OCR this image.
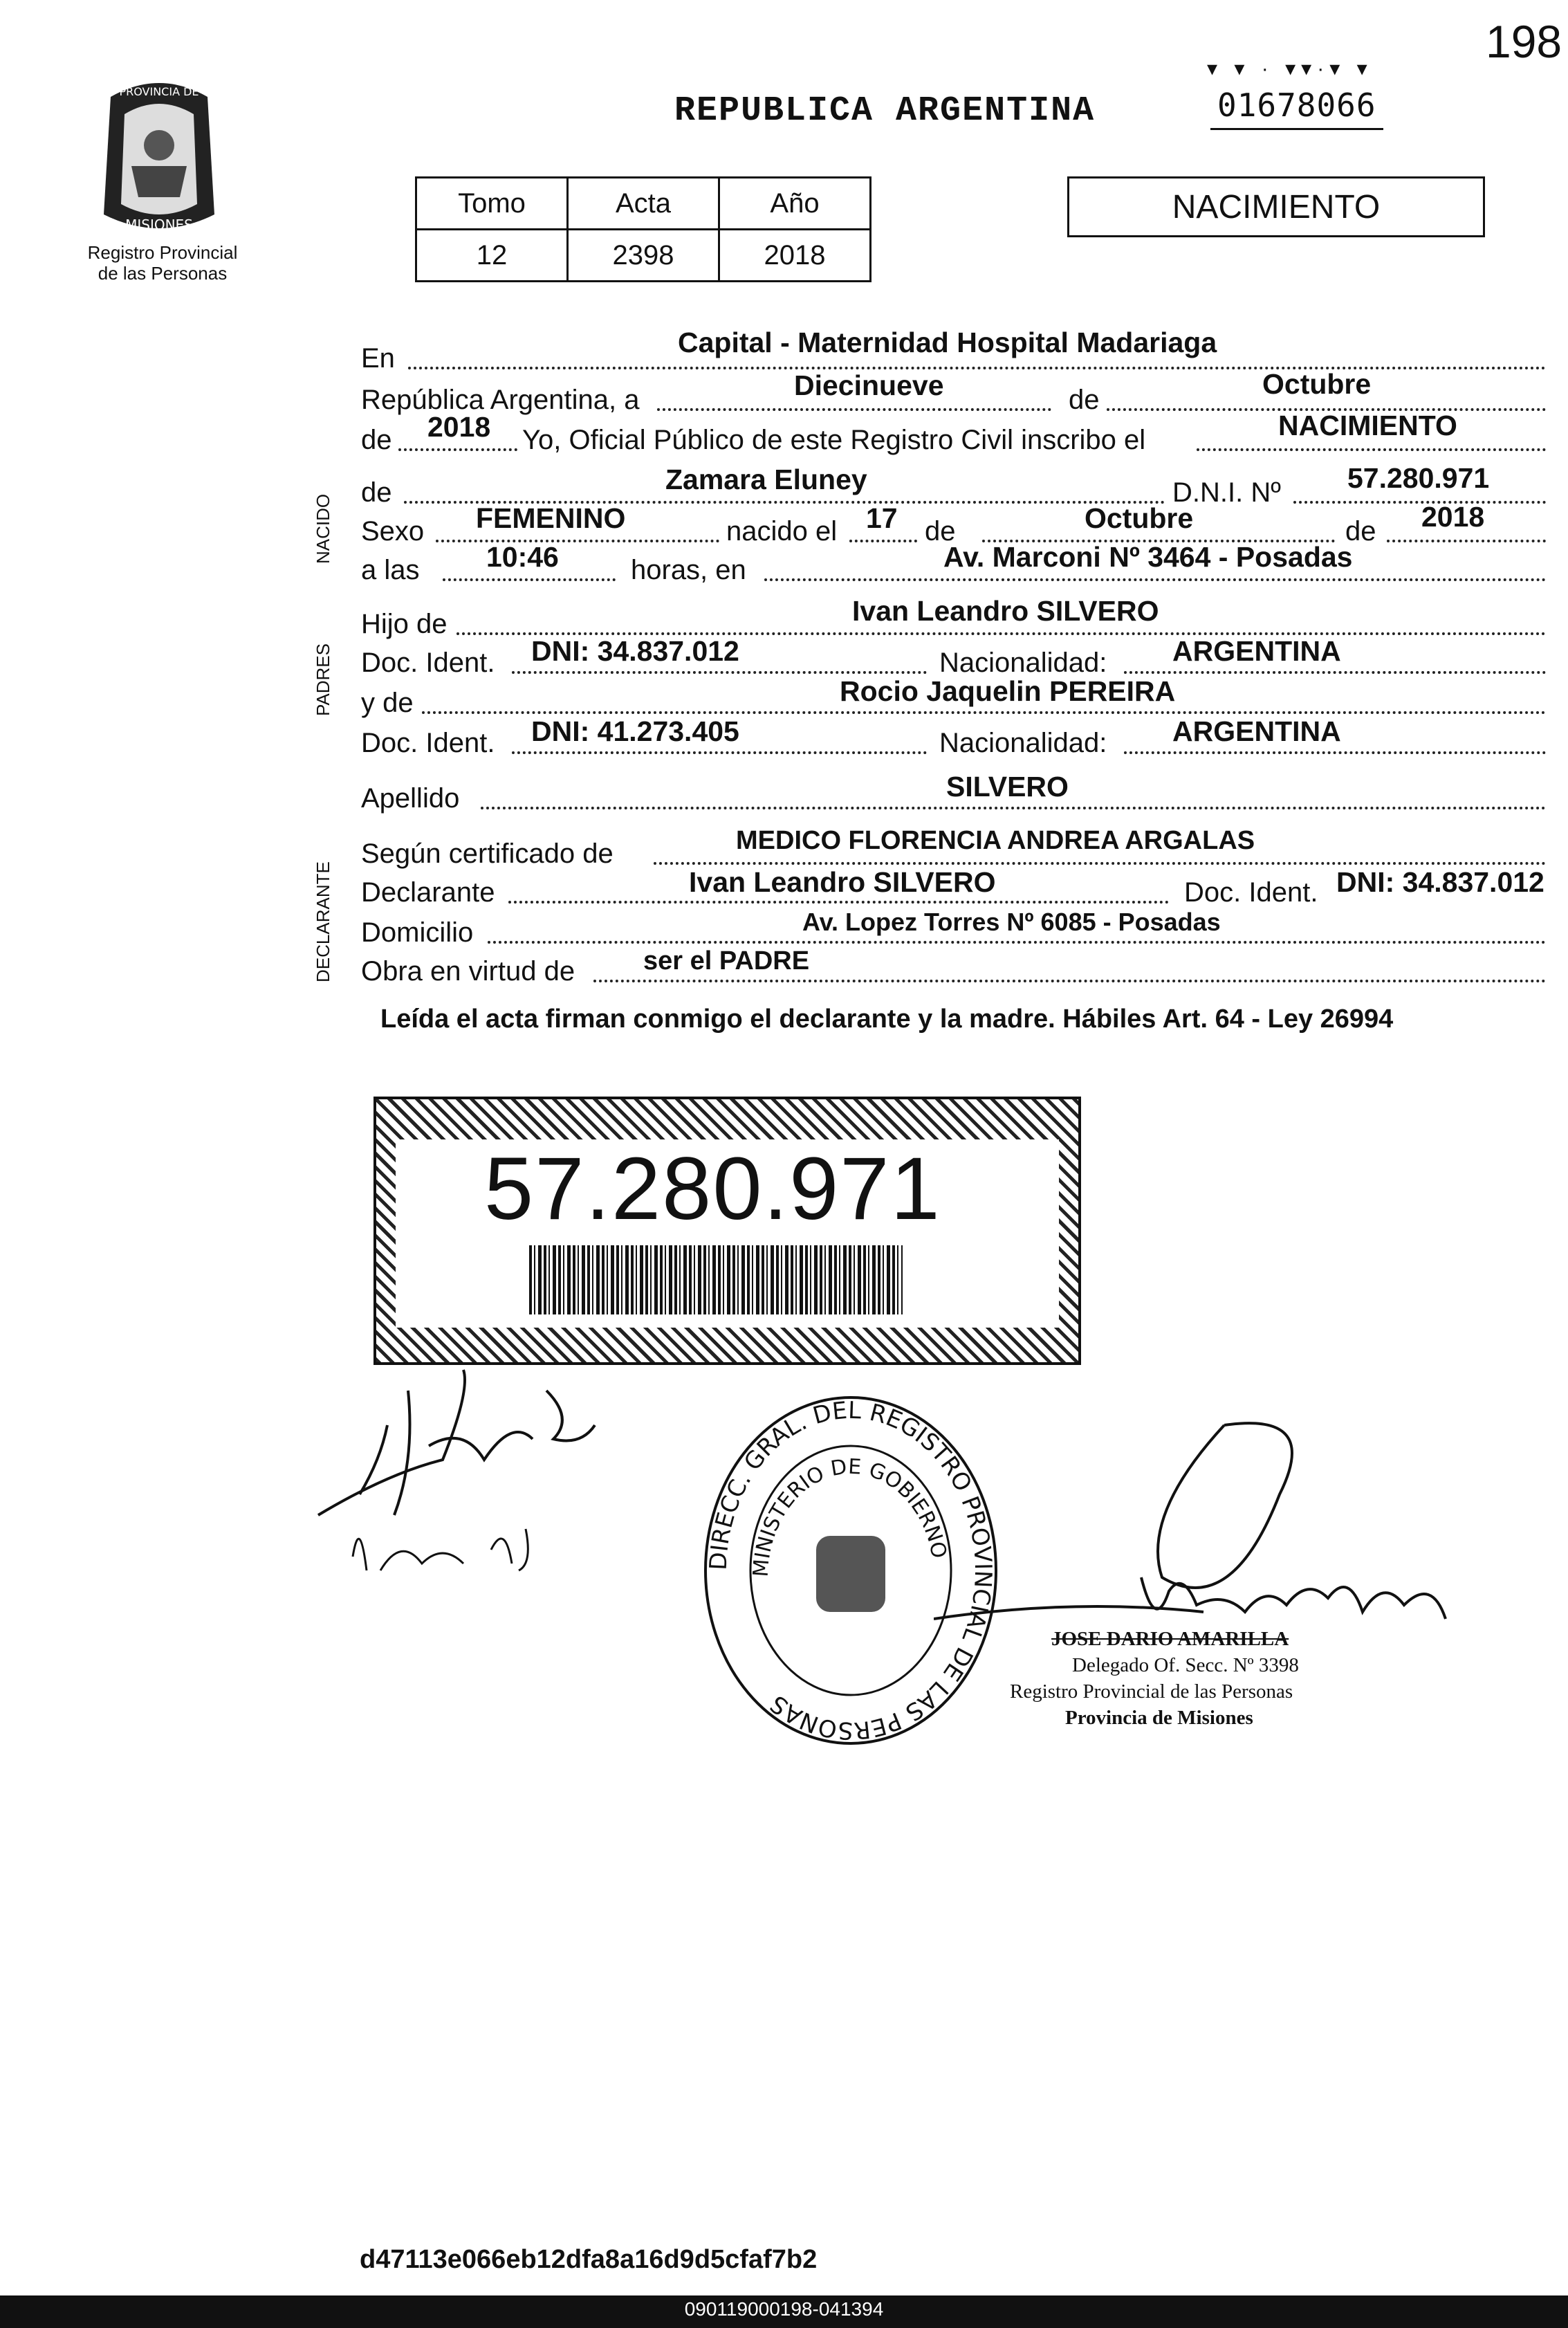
198
PROVINCIA DE
MISIONES
Registro Provincial
de las Personas
REPUBLICA ARGENTINA
▾ ▾ · ▾▾·▾ ▾
01678066
Tomo	Acta	Año
12	2398	2018
NACIMIENTO
NACIDO
PADRES
DECLARANTE
En	Capital - Maternidad Hospital Madariaga
República Argentina, a	Diecinueve	de	Octubre
de 2018 Yo, Oficial Público de este Registro Civil inscribo el	NACIMIENTO
de	Zamara Eluney	D.N.I. Nº 57.280.971
Sexo FEMENINO	nacido el 17 de	Octubre	de 2018
a las 10:46	horas, en	Av. Marconi Nº 3464 - Posadas
Hijo de	Ivan Leandro SILVERO
Doc. Ident. DNI: 34.837.012	Nacionalidad: ARGENTINA
y de	Rocio Jaquelin PEREIRA
Doc. Ident. DNI: 41.273.405	Nacionalidad: ARGENTINA
Apellido	SILVERO
Según certificado de	MEDICO FLORENCIA ANDREA ARGALAS
Declarante	Ivan Leandro SILVERO	Doc. Ident. DNI: 34.837.012
Domicilio	Av. Lopez Torres Nº 6085 - Posadas
Obra en virtud de	ser el PADRE
Leída el acta firman conmigo el declarante y la madre. Hábiles Art. 64 - Ley 26994
57.280.971
DIRECC. GRAL. DEL REGISTRO PROVINCIAL DE LAS PERSONAS
MINISTERIO DE GOBIERNO
JOSE DARIO AMARILLA
Delegado Of. Secc. Nº 3398
Registro Provincial de las Personas
Provincia de Misiones
d47113e066eb12dfa8a16d9d5cfaf7b2
090119000198-041394
